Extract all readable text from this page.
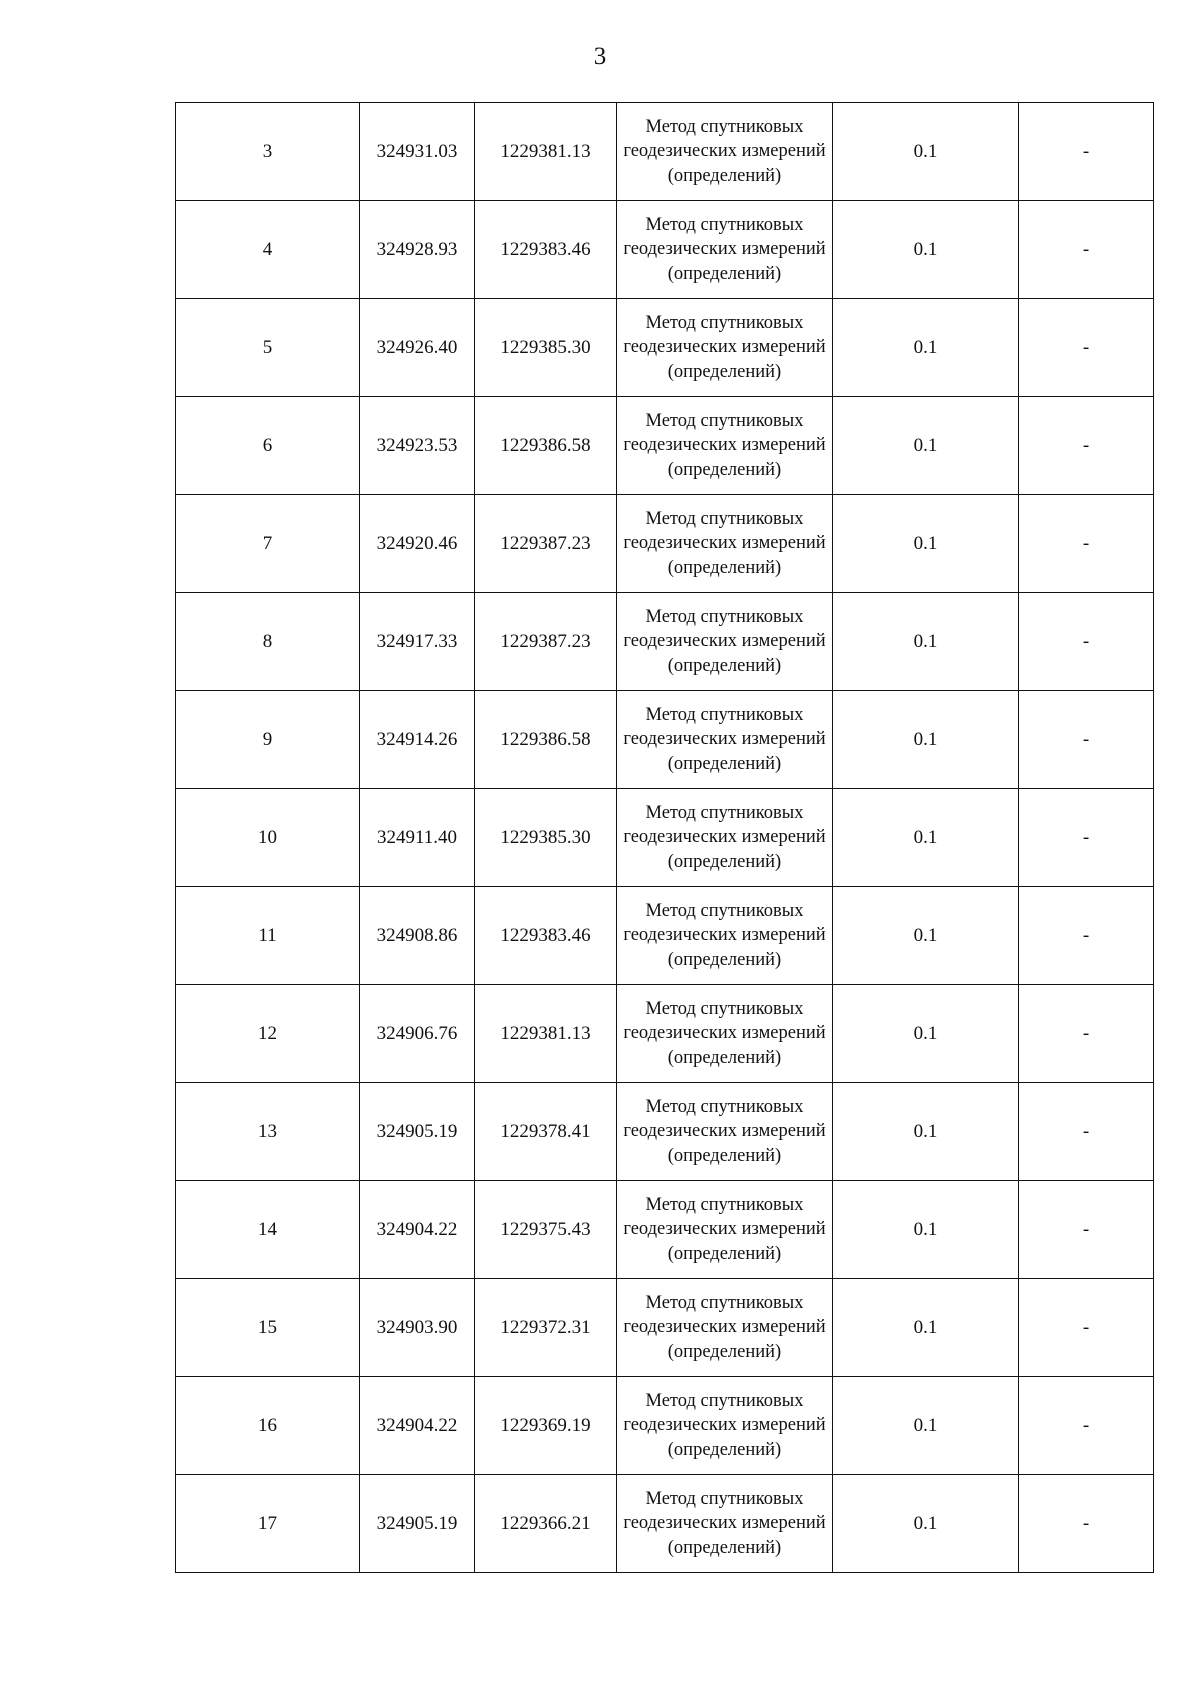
3
3	324931.03	1229381.13	Метод спутниковых геодезических измерений (определений)	0.1	-
4	324928.93	1229383.46	Метод спутниковых геодезических измерений (определений)	0.1	-
5	324926.40	1229385.30	Метод спутниковых геодезических измерений (определений)	0.1	-
6	324923.53	1229386.58	Метод спутниковых геодезических измерений (определений)	0.1	-
7	324920.46	1229387.23	Метод спутниковых геодезических измерений (определений)	0.1	-
8	324917.33	1229387.23	Метод спутниковых геодезических измерений (определений)	0.1	-
9	324914.26	1229386.58	Метод спутниковых геодезических измерений (определений)	0.1	-
10	324911.40	1229385.30	Метод спутниковых геодезических измерений (определений)	0.1	-
11	324908.86	1229383.46	Метод спутниковых геодезических измерений (определений)	0.1	-
12	324906.76	1229381.13	Метод спутниковых геодезических измерений (определений)	0.1	-
13	324905.19	1229378.41	Метод спутниковых геодезических измерений (определений)	0.1	-
14	324904.22	1229375.43	Метод спутниковых геодезических измерений (определений)	0.1	-
15	324903.90	1229372.31	Метод спутниковых геодезических измерений (определений)	0.1	-
16	324904.22	1229369.19	Метод спутниковых геодезических измерений (определений)	0.1	-
17	324905.19	1229366.21	Метод спутниковых геодезических измерений (определений)	0.1	-
